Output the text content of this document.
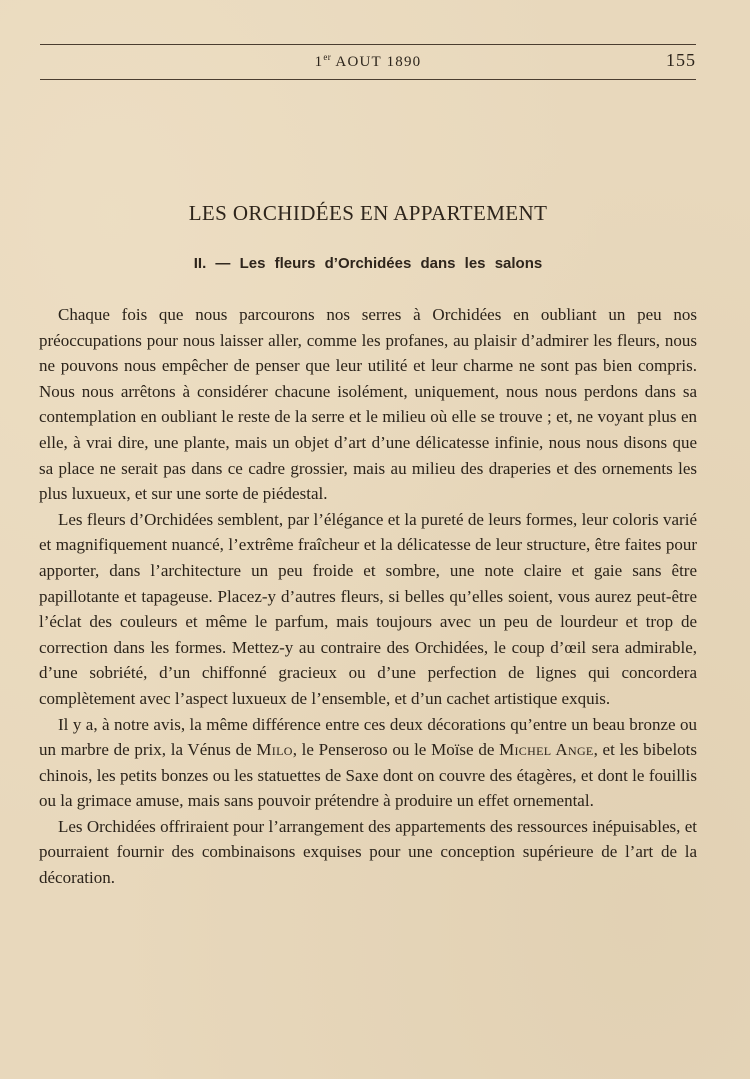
1er AOUT 1890	155
LES ORCHIDÉES EN APPARTEMENT
II. — Les fleurs d’Orchidées dans les salons

Chaque fois que nous parcourons nos serres à Orchidées en oubliant un peu nos préoccupations pour nous laisser aller, comme les profanes, au plaisir d’admirer les fleurs, nous ne pouvons nous empêcher de penser que leur utilité et leur charme ne sont pas bien compris. Nous nous arrêtons à considérer chacune isolément, uniquement, nous nous perdons dans sa contemplation en oubliant le reste de la serre et le milieu où elle se trouve ; et, ne voyant plus en elle, à vrai dire, une plante, mais un objet d’art d’une délicatesse infinie, nous nous disons que sa place ne serait pas dans ce cadre grossier, mais au milieu des draperies et des ornements les plus luxueux, et sur une sorte de piédestal.

Les fleurs d’Orchidées semblent, par l’élégance et la pureté de leurs formes, leur coloris varié et magnifiquement nuancé, l’extrême fraîcheur et la délicatesse de leur structure, être faites pour apporter, dans l’architecture un peu froide et sombre, une note claire et gaie sans être papillotante et tapageuse. Placez-y d’autres fleurs, si belles qu’elles soient, vous aurez peut-être l’éclat des couleurs et même le parfum, mais toujours avec un peu de lourdeur et trop de correction dans les formes. Mettez-y au contraire des Orchidées, le coup d’œil sera admirable, d’une sobriété, d’un chiffonné gracieux ou d’une perfection de lignes qui concordera complètement avec l’aspect luxueux de l’ensemble, et d’un cachet artistique exquis.

Il y a, à notre avis, la même différence entre ces deux décorations qu’entre un beau bronze ou un marbre de prix, la Vénus de Milo, le Penseroso ou le Moïse de Michel Ange, et les bibelots chinois, les petits bonzes ou les statuettes de Saxe dont on couvre des étagères, et dont le fouillis ou la grimace amuse, mais sans pouvoir prétendre à produire un effet ornemental.

Les Orchidées offriraient pour l’arrangement des appartements des ressources inépuisables, et pourraient fournir des combinaisons exquises pour une conception supérieure de l’art de la décoration.
